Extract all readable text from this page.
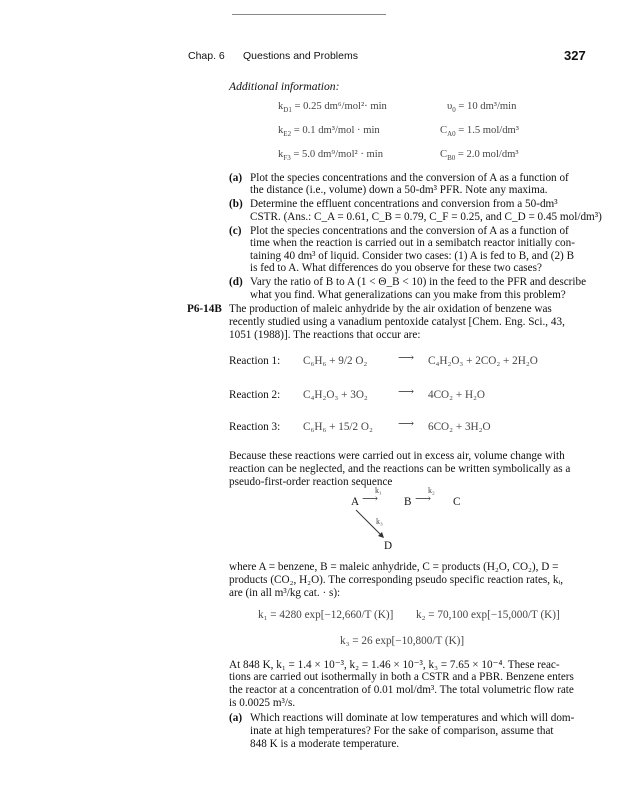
Chap. 6 Questions and Problems	327
Additional information:
$k_{D1} = 0.25$ dm⁶/mol²· min	$\upsilon_0 = 10$ dm³/min
$k_{E2} = 0.1$ dm³/mol · min	$C_{A0} = 1.5$ mol/dm³
$k_{F3} = 5.0$ dm⁹/mol² · min	$C_{B0} = 2.0$ mol/dm³
(a) Plot the species concentrations and the conversion of A as a function of
the distance (i.e., volume) down a 50-dm³ PFR. Note any maxima.
(b) Determine the effluent concentrations and conversion from a 50-dm³
CSTR. (Ans.: C_A = 0.61, C_B = 0.79, C_F = 0.25, and C_D = 0.45 mol/dm³)
(c) Plot the species concentrations and the conversion of A as a function of
time when the reaction is carried out in a semibatch reactor initially con-
taining 40 dm³ of liquid. Consider two cases: (1) A is fed to B, and (2) B
is fed to A. What differences do you observe for these two cases?
(d) Vary the ratio of B to A (1 < Θ_B < 10) in the feed to the PFR and describe
what you find. What generalizations can you make from this problem?
P6-14B The production of maleic anhydride by the air oxidation of benzene was
recently studied using a vanadium pentoxide catalyst [Chem. Eng. Sci., 43,
1051 (1988)]. The reactions that occur are:
Reaction 1: C₆H₆ + 9/2 O₂	⟶ C₄H₂O₃ + 2CO₂ + 2H₂O
Reaction 2: C₄H₂O₃ + 3O₂	⟶ 4CO₂ + H₂O
Reaction 3: C₆H₆ + 15/2 O₂ ⟶ 6CO₂ + 3H₂O
Because these reactions were carried out in excess air, volume change with
reaction can be neglected, and the reactions can be written symbolically as a
pseudo-first-order reaction sequence
A
k₁
⟶ B
k₂
⟶ C
k₃
D
where A = benzene, B = maleic anhydride, C = products (H₂O, CO₂), D =
products (CO₂, H₂O). The corresponding pseudo specific reaction rates, kᵢ,
are (in all m³/kg cat. · s):
k₁ = 4280 exp[−12,660/T (K)] k₂ = 70,100 exp[−15,000/T (K)]
k₃ = 26 exp[−10,800/T (K)]
At 848 K, k₁ = 1.4 × 10⁻³, k₂ = 1.46 × 10⁻³, k₃ = 7.65 × 10⁻⁴. These reac-
tions are carried out isothermally in both a CSTR and a PBR. Benzene enters
the reactor at a concentration of 0.01 mol/dm³. The total volumetric flow rate
is 0.0025 m³/s.
(a) Which reactions will dominate at low temperatures and which will dom-
inate at high temperatures? For the sake of comparison, assume that
848 K is a moderate temperature.
